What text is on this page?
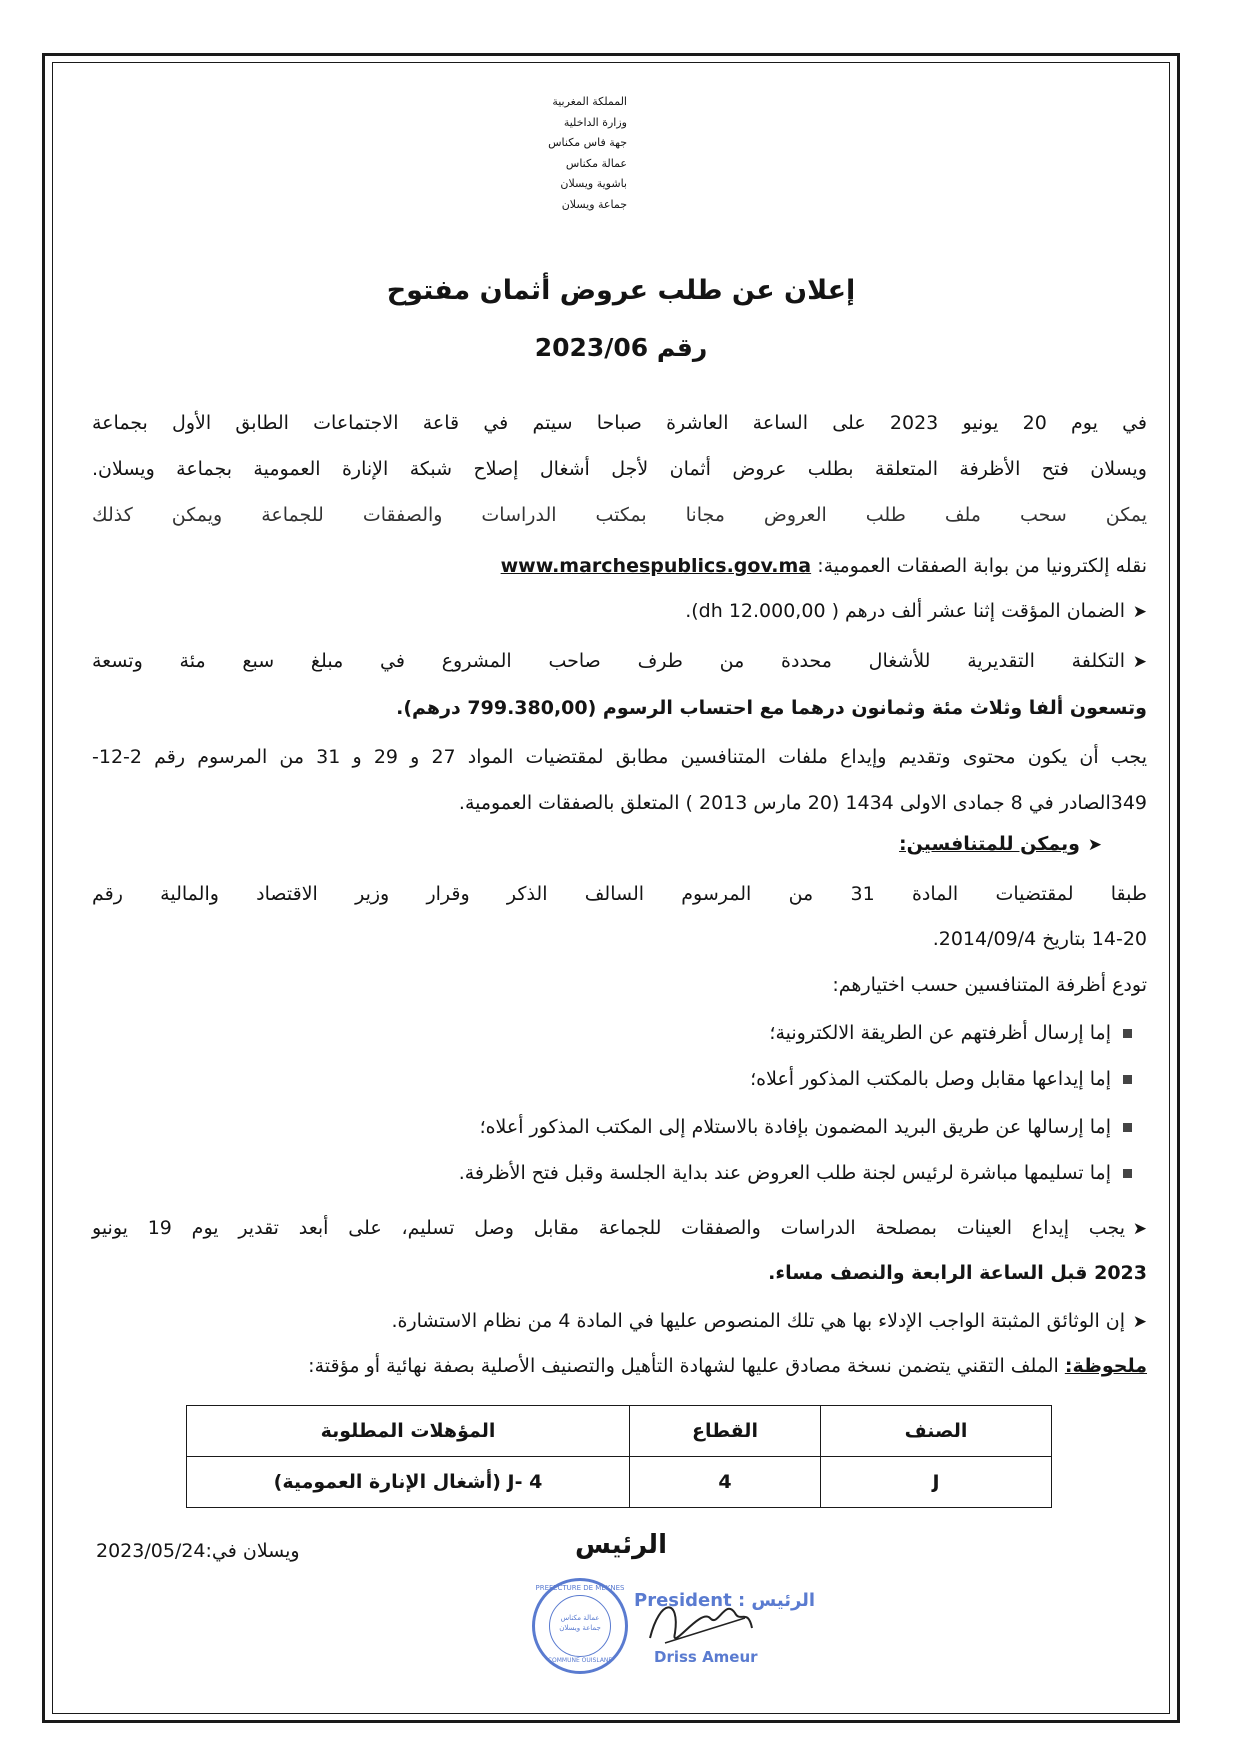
المملكة المغربية
وزارة الداخلية
جهة فاس مكناس
عمالة مكناس
باشوية ويسلان
جماعة ويسلان
إعلان عن طلب عروض أثمان مفتوح
رقم 2023/06
في يوم 20 يونيو 2023 على الساعة العاشرة صباحا سيتم في قاعة الاجتماعات الطابق الأول بجماعة
ويسلان فتح الأظرفة المتعلقة بطلب عروض أثمان لأجل أشغال إصلاح شبكة الإنارة العمومية بجماعة ويسلان.
يمكن سحب ملف طلب العروض مجانا بمكتب الدراسات والصفقات للجماعة ويمكن كذلك
نقله إلكترونيا من بوابة الصفقات العمومية: www.marchespublics.gov.ma
➤الضمان المؤقت إثنا عشر ألف درهم ( 12.000,00 dh).
➤التكلفة التقديرية للأشغال محددة من طرف صاحب المشروع في مبلغ سبع مئة وتسعة
وتسعون ألفا وثلاث مئة وثمانون درهما مع احتساب الرسوم (799.380,00 درهم).
يجب أن يكون محتوى وتقديم وإيداع ملفات المتنافسين مطابق لمقتضيات المواد 27 و 29 و 31 من المرسوم رقم 2-12-
349الصادر في 8 جمادى الاولى 1434 (20 مارس 2013 ) المتعلق بالصفقات العمومية.
➤ويمكن للمتنافسين:
طبقا لمقتضيات المادة 31 من المرسوم السالف الذكر وقرار وزير الاقتصاد والمالية رقم
14-20 بتاريخ 2014/09/4.
تودع أظرفة المتنافسين حسب اختيارهم:
إما إرسال أظرفتهم عن الطريقة الالكترونية؛
إما إيداعها مقابل وصل بالمكتب المذكور أعلاه؛
إما إرسالها عن طريق البريد المضمون بإفادة بالاستلام إلى المكتب المذكور أعلاه؛
إما تسليمها مباشرة لرئيس لجنة طلب العروض عند بداية الجلسة وقبل فتح الأظرفة.
➤يجب إيداع العينات بمصلحة الدراسات والصفقات للجماعة مقابل وصل تسليم، على أبعد تقدير يوم 19 يونيو
2023 قبل الساعة الرابعة والنصف مساء.
➤إن الوثائق المثبتة الواجب الإدلاء بها هي تلك المنصوص عليها في المادة 4 من نظام الاستشارة.
ملحوظة: الملف التقني يتضمن نسخة مصادق عليها لشهادة التأهيل والتصنيف الأصلية بصفة نهائية أو مؤقتة:
الصنف	القطاع	المؤهلات المطلوبة
J	4	J- 4 (أشغال الإنارة العمومية)
الرئيس
ويسلان في:2023/05/24
PREFECTURE DE MEKNES
عمالة مكناس جماعة ويسلان
COMMUNE OUISLANE
President : الرئيس
Driss Ameur
